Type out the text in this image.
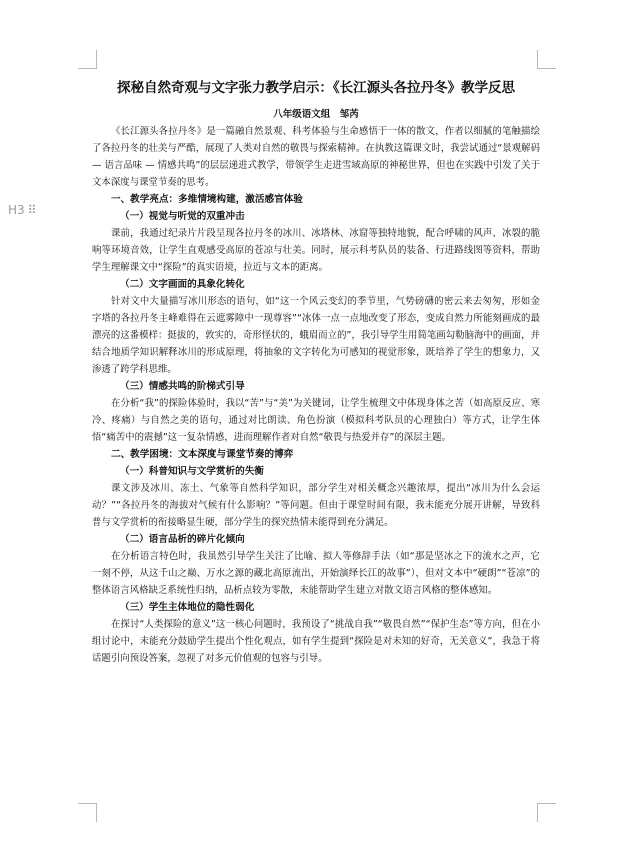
H3 ⠿
探秘自然奇观与文字张力教学启示：《长江源头各拉丹冬》教学反思
八年级语文组　邹芮

《长江源头各拉丹冬》是一篇融自然景观、科考体验与生命感悟于一体的散文，作者以细腻的笔触描绘了各拉丹冬的壮美与严酷，展现了人类对自然的敬畏与探索精神。在执教这篇课文时，我尝试通过“景观解码 — 语言品味 — 情感共鸣”的层层递进式教学，带领学生走进雪域高原的神秘世界，但也在实践中引发了关于文本深度与课堂节奏的思考。

一、教学亮点：多维情境构建，激活感官体验
（一）视觉与听觉的双重冲击

课前，我通过纪录片片段呈现各拉丹冬的冰川、冰塔林、冰窟等独特地貌，配合呼啸的风声、冰裂的脆响等环境音效，让学生直观感受高原的苍凉与壮美。同时，展示科考队员的装备、行进路线图等资料，帮助学生理解课文中“探险”的真实语境，拉近与文本的距离。

（二）文字画面的具象化转化

针对文中大量描写冰川形态的语句，如“这一个风云变幻的季节里，气势磅礴的密云来去匆匆，形如金字塔的各拉丹冬主峰难得在云遮雾障中一现尊容”“冰体一点一点地改变了形态，变成自然力所能刻画成的最漂亮的这番模样：挺拔的，敦实的，奇形怪状的，蛾眉而立的”，我引导学生用简笔画勾勒脑海中的画面，并结合地质学知识解释冰川的形成原理，将抽象的文字转化为可感知的视觉形象，既培养了学生的想象力，又渗透了跨学科思维。

（三）情感共鸣的阶梯式引导

在分析“我”的探险体验时，我以“苦”与“美”为关键词，让学生梳理文中体现身体之苦（如高原反应、寒冷、疼痛）与自然之美的语句，通过对比朗读、角色扮演（模拟科考队员的心理独白）等方式，让学生体悟“痛苦中的震撼”这一复杂情感，进而理解作者对自然“敬畏与热爱并存”的深层主题。

二、教学困境：文本深度与课堂节奏的博弈
（一）科普知识与文学赏析的失衡

课文涉及冰川、冻土、气象等自然科学知识，部分学生对相关概念兴趣浓厚，提出“冰川为什么会运动？”“各拉丹冬的海拔对气候有什么影响？”等问题。但由于课堂时间有限，我未能充分展开讲解，导致科普与文学赏析的衔接略显生硬，部分学生的探究热情未能得到充分满足。

（二）语言品析的碎片化倾向

在分析语言特色时，我虽然引导学生关注了比喻、拟人等修辞手法（如“那是坚冰之下的流水之声，它一刻不停，从这千山之巅、万水之源的藏北高原流出，开始演绎长江的故事”），但对文本中“硬朗”“苍凉”的整体语言风格缺乏系统性归纳，品析点较为零散，未能帮助学生建立对散文语言风格的整体感知。

（三）学生主体地位的隐性弱化

在探讨“人类探险的意义”这一核心问题时，我预设了“挑战自我”“敬畏自然”“保护生态”等方向，但在小组讨论中，未能充分鼓励学生提出个性化观点，如有学生提到“探险是对未知的好奇，无关意义”，我急于将话题引向预设答案，忽视了对多元价值观的包容与引导。
